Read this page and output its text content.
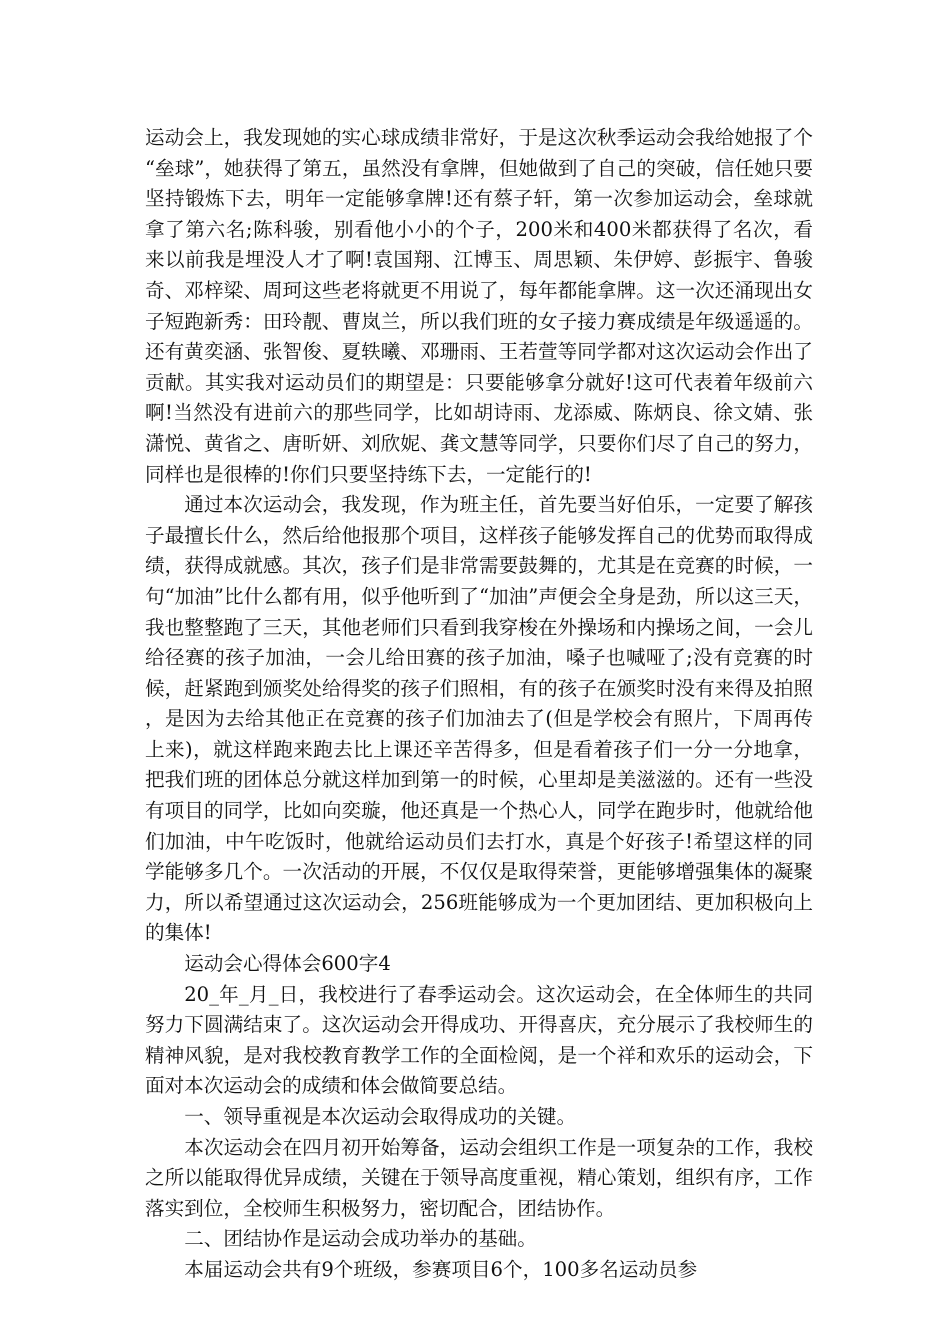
运动会上，我发现她的实心球成绩非常好，于是这次秋季运动会我给她报了个“垒球”，她获得了第五，虽然没有拿牌，但她做到了自己的突破，信任她只要坚持锻炼下去，明年一定能够拿牌!还有蔡子轩，第一次参加运动会，垒球就拿了第六名;陈科骏，别看他小小的个子，200米和400米都获得了名次，看来以前我是埋没人才了啊!袁国翔、江博玉、周思颖、朱伊婷、彭振宇、鲁骏奇、邓梓梁、周珂这些老将就更不用说了，每年都能拿牌。这一次还涌现出女子短跑新秀：田玲靓、曹岚兰，所以我们班的女子接力赛成绩是年级遥遥的。还有黄奕涵、张智俊、夏轶曦、邓珊雨、王若萱等同学都对这次运动会作出了贡献。其实我对运动员们的期望是：只要能够拿分就好!这可代表着年级前六啊!当然没有进前六的那些同学，比如胡诗雨、龙添威、陈炳良、徐文婧、张潇悦、黄省之、唐昕妍、刘欣妮、龚文慧等同学，只要你们尽了自己的努力，同样也是很棒的!你们只要坚持练下去，一定能行的!

通过本次运动会，我发现，作为班主任，首先要当好伯乐，一定要了解孩子最擅长什么，然后给他报那个项目，这样孩子能够发挥自己的优势而取得成绩，获得成就感。其次，孩子们是非常需要鼓舞的，尤其是在竞赛的时候，一句“加油”比什么都有用，似乎他听到了“加油”声便会全身是劲，所以这三天，我也整整跑了三天，其他老师们只看到我穿梭在外操场和内操场之间，一会儿给径赛的孩子加油，一会儿给田赛的孩子加油，嗓子也喊哑了;没有竞赛的时候，赶紧跑到颁奖处给得奖的孩子们照相，有的孩子在颁奖时没有来得及拍照，是因为去给其他正在竞赛的孩子们加油去了(但是学校会有照片，下周再传上来)，就这样跑来跑去比上课还辛苦得多，但是看着孩子们一分一分地拿，把我们班的团体总分就这样加到第一的时候，心里却是美滋滋的。还有一些没有项目的同学，比如向奕璇，他还真是一个热心人，同学在跑步时，他就给他们加油，中午吃饭时，他就给运动员们去打水，真是个好孩子!希望这样的同学能够多几个。一次活动的开展，不仅仅是取得荣誉，更能够增强集体的凝聚力，所以希望通过这次运动会，256班能够成为一个更加团结、更加积极向上的集体!

运动会心得体会600字4

20_年_月_日，我校进行了春季运动会。这次运动会，在全体师生的共同努力下圆满结束了。这次运动会开得成功、开得喜庆，充分展示了我校师生的精神风貌，是对我校教育教学工作的全面检阅，是一个祥和欢乐的运动会，下面对本次运动会的成绩和体会做简要总结。

一、领导重视是本次运动会取得成功的关键。

本次运动会在四月初开始筹备，运动会组织工作是一项复杂的工作，我校之所以能取得优异成绩，关键在于领导高度重视，精心策划，组织有序，工作落实到位，全校师生积极努力，密切配合，团结协作。

二、团结协作是运动会成功举办的基础。

本届运动会共有9个班级，参赛项目6个，100多名运动员参
